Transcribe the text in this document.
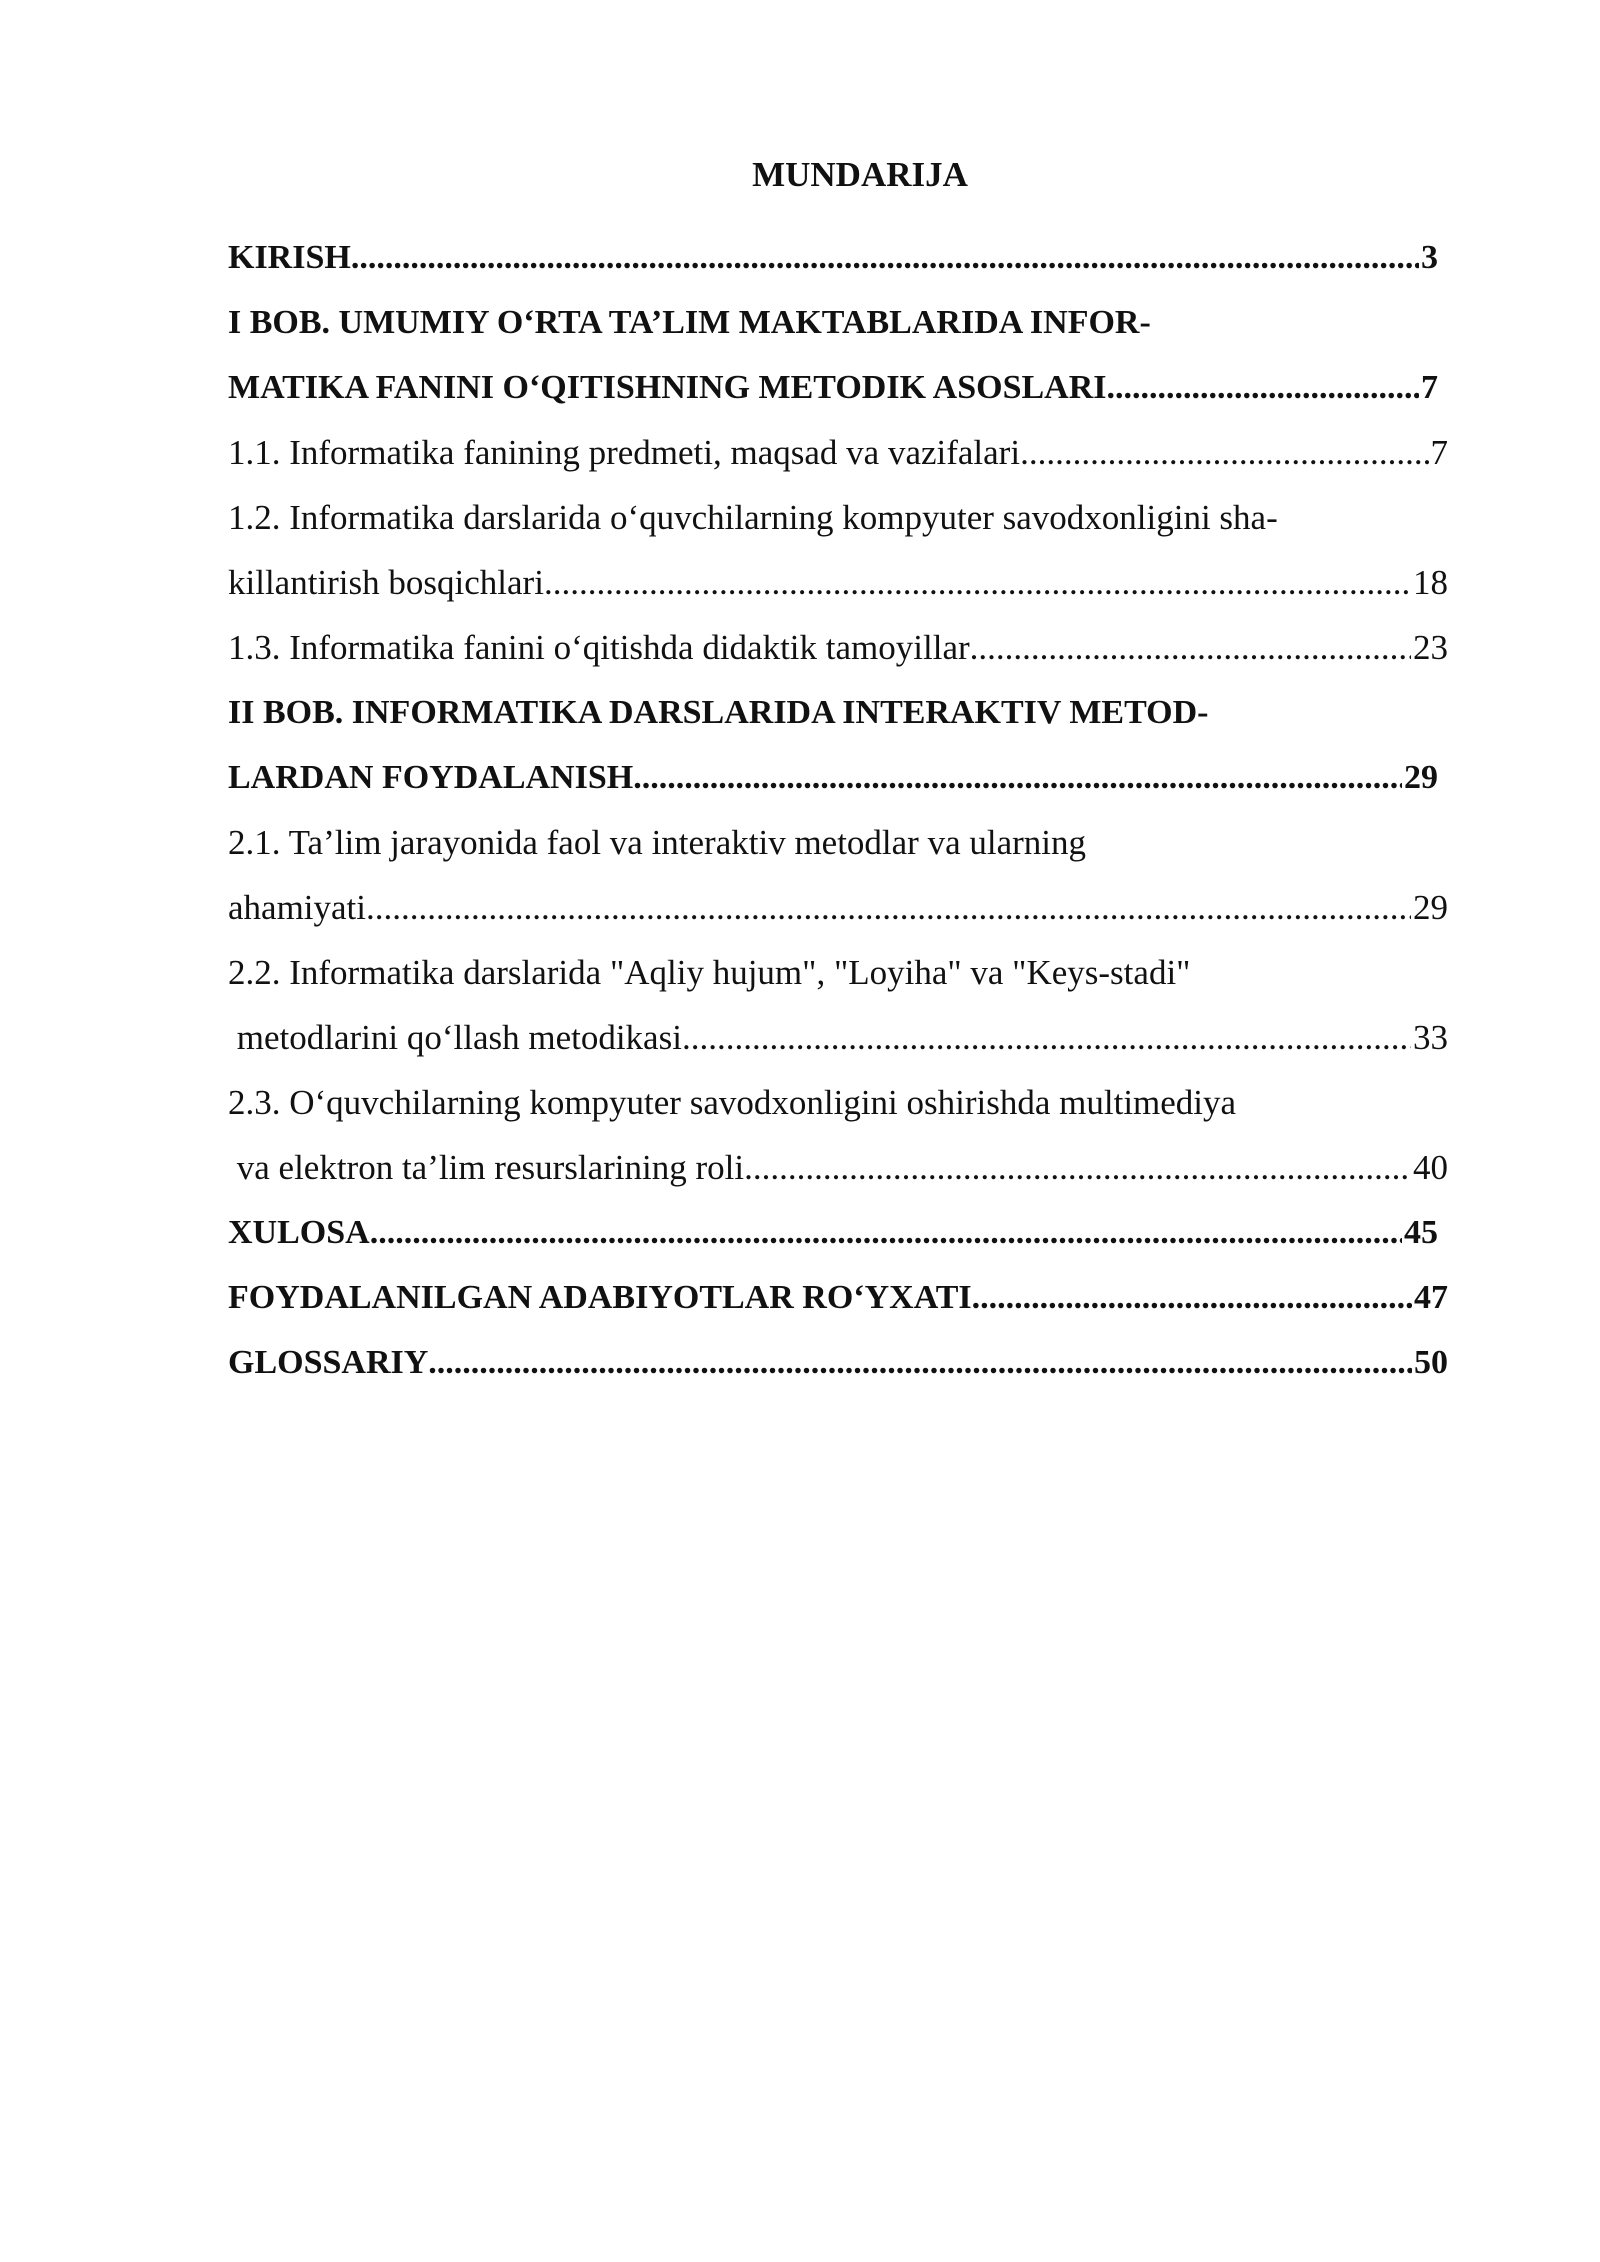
MUNDARIJA
KIRISH .....	3
I BOB. UMUMIY O‘RTA TA’LIM MAKTABLARIDA INFOR-
MATIKA FANINI O‘QITISHNING METODIK ASOSLARI .....	7
1.1. Informatika fanining predmeti, maqsad va vazifalari .....	7
1.2. Informatika darslarida o‘quvchilarning kompyuter savodxonligini sha-
killantirish bosqichlari .....	18
1.3. Informatika fanini o‘qitishda didaktik tamoyillar .....	23
II BOB. INFORMATIKA DARSLARIDA INTERAKTIV METOD-
LARDAN FOYDALANISH .....	29
2.1. Ta’lim jarayonida faol va interaktiv metodlar va ularning
ahamiyati .....	29
2.2. Informatika darslarida "Aqliy hujum", "Loyiha" va "Keys-stadi"
metodlarini qo‘llash metodikasi .....	33
2.3. O‘quvchilarning kompyuter savodxonligini oshirishda multimediya
va elektron ta’lim resurslarining roli .....	40
XULOSA .....	45
FOYDALANILGAN ADABIYOTLAR RO‘YXATI .....	47
GLOSSARIY .....	50
